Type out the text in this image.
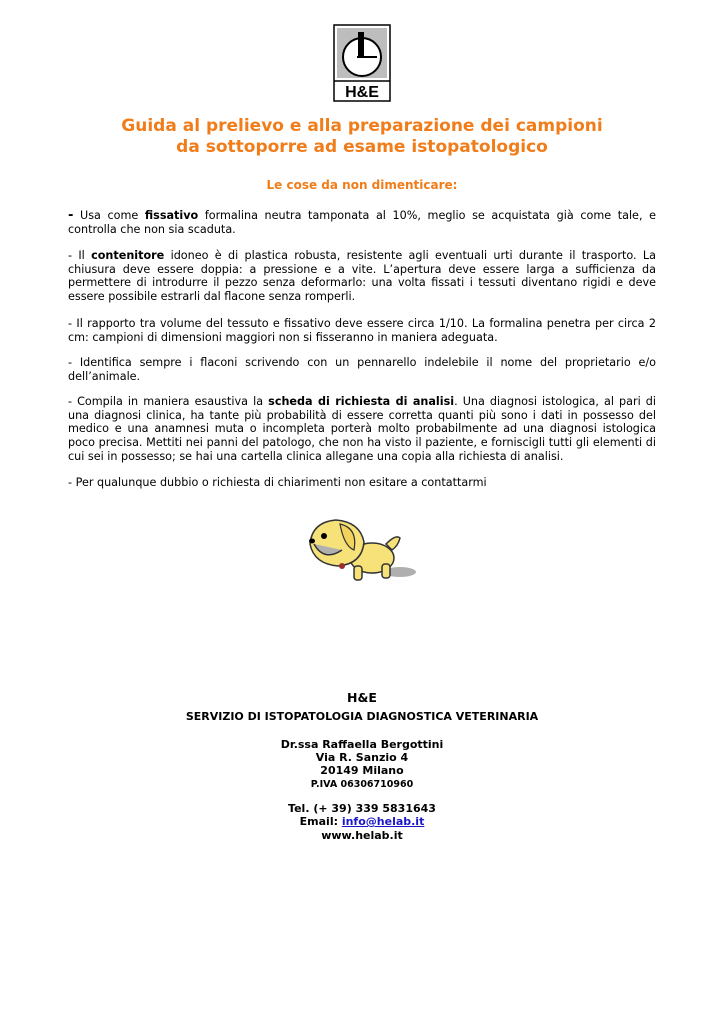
H&E
Guida al prelievo e alla preparazione dei campioni
da sottoporre ad esame istopatologico
Le cose da non dimenticare:
- Usa come fissativo formalina neutra tamponata al 10%, meglio se acquistata già come tale, e controlla che non sia scaduta.
- Il contenitore idoneo è di plastica robusta, resistente agli eventuali urti durante il trasporto. La chiusura deve essere doppia: a pressione e a vite. L’apertura deve essere larga a sufficienza da permettere di introdurre il pezzo senza deformarlo: una volta fissati i tessuti diventano rigidi e deve essere possibile estrarli dal flacone senza romperli.
- Il rapporto tra volume del tessuto e fissativo deve essere circa 1/10. La formalina penetra per circa 2 cm: campioni di dimensioni maggiori non si fisseranno in maniera adeguata.
- Identifica sempre i flaconi scrivendo con un pennarello indelebile il nome del proprietario e/o dell’animale.
- Compila in maniera esaustiva la scheda di richiesta di analisi. Una diagnosi istologica, al pari di una diagnosi clinica, ha tante più probabilità di essere corretta quanti più sono i dati in possesso del medico e una anamnesi muta o incompleta porterà molto probabilmente ad una diagnosi istologica poco precisa. Mettiti nei panni del patologo, che non ha visto il paziente, e fornisciglі tutti gli elementi di cui sei in possesso; se hai una cartella clinica allegane una copia alla richiesta di analisi.
- Per qualunque dubbio o richiesta di chiarimenti non esitare a contattarmi
H&E
SERVIZIO DI ISTOPATOLOGIA DIAGNOSTICA VETERINARIA
Dr.ssa Raffaella Bergottini
Via R. Sanzio 4
20149 Milano
P.IVA 06306710960
Tel. (+ 39) 339 5831643
Email: info@helab.it
www.helab.it
